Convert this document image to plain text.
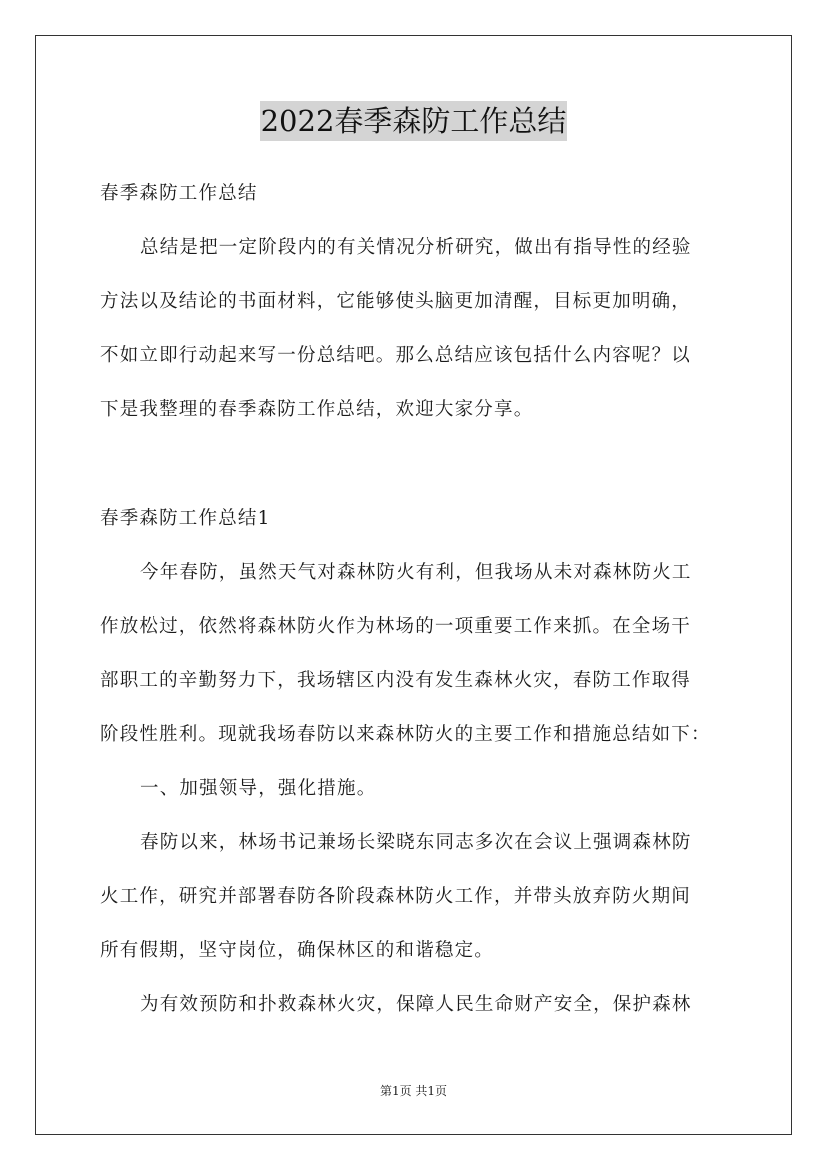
2022春季森防工作总结
春季森防工作总结
总结是把一定阶段内的有关情况分析研究，做出有指导性的经验
方法以及结论的书面材料，它能够使头脑更加清醒，目标更加明确，
不如立即行动起来写一份总结吧。那么总结应该包括什么内容呢？以
下是我整理的春季森防工作总结，欢迎大家分享。
春季森防工作总结1
今年春防，虽然天气对森林防火有利，但我场从未对森林防火工
作放松过，依然将森林防火作为林场的一项重要工作来抓。在全场干
部职工的辛勤努力下，我场辖区内没有发生森林火灾，春防工作取得
阶段性胜利。现就我场春防以来森林防火的主要工作和措施总结如下：
一、加强领导，强化措施。
春防以来，林场书记兼场长梁晓东同志多次在会议上强调森林防
火工作，研究并部署春防各阶段森林防火工作，并带头放弃防火期间
所有假期，坚守岗位，确保林区的和谐稳定。
为有效预防和扑救森林火灾，保障人民生命财产安全，保护森林
第1页 共1页
